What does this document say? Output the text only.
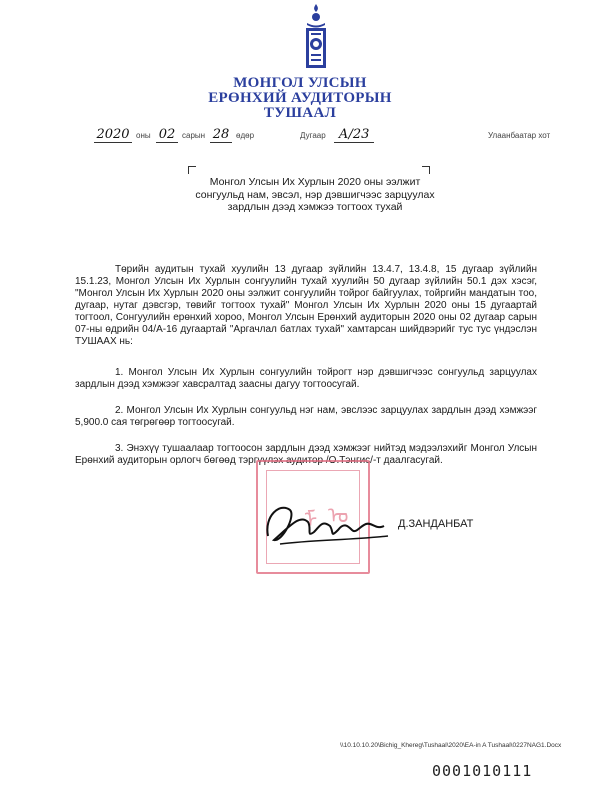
МОНГОЛ УЛСЫН
ЕРӨНХИЙ АУДИТОРЫН
ТУШААЛ
2020 оны 02 сарын 28 өдөр	Дугаар А/23	Улаанбаатар хот
Монгол Улсын Их Хурлын 2020 оны ээлжит
сонгуульд нам, эвсэл, нэр дэвшигчээс зарцуулах
зардлын дээд хэмжээ тогтоох тухай

Төрийн аудитын тухай хуулийн 13 дугаар зүйлийн 13.4.7, 13.4.8, 15 дугаар зүйлийн 15.1.23, Монгол Улсын Их Хурлын сонгуулийн тухай хуулийн 50 дугаар зүйлийн 50.1 дэх хэсэг, "Монгол Улсын Их Хурлын 2020 оны ээлжит сонгуулийн тойрог байгуулах, тойргийн мандатын тоо, дугаар, нутаг дэвсгэр, төвийг тогтоох тухай" Монгол Улсын Их Хурлын 2020 оны 15 дугаартай тогтоол, Сонгуулийн ерөнхий хороо, Монгол Улсын Ерөнхий аудиторын 2020 оны 02 дугаар сарын 07-ны өдрийн 04/А-16 дугаартай "Аргачлал батлах тухай" хамтарсан шийдвэрийг тус тус үндэслэн ТУШААХ нь:

1. Монгол Улсын Их Хурлын сонгуулийн тойрогт нэр дэвшигчээс сонгуульд зарцуулах зардлын дээд хэмжээг хавсралтад заасны дагуу тогтоосугай.

2. Монгол Улсын Их Хурлын сонгуульд нэг нам, эвслээс зарцуулах зардлын дээд хэмжээг 5,900.0 сая төгрөгөөр тогтоосугай.

3. Энэхүү тушаалаар тогтоосон зардлын дээд хэмжээг нийтэд мэдээлэхийг Монгол Улсын Ерөнхий аудиторын орлогч бөгөөд тэргүүлэх аудитор /О.Тэнгис/-т даалгасугай.

᠊ ᠮ ᠤ	Д.ЗАНДАНБАТ
\\10.10.10.20\Bichig_Khereg\Tushaal\2020\EA-in A Tushaal\0227NAG1.Docx
0001010111
